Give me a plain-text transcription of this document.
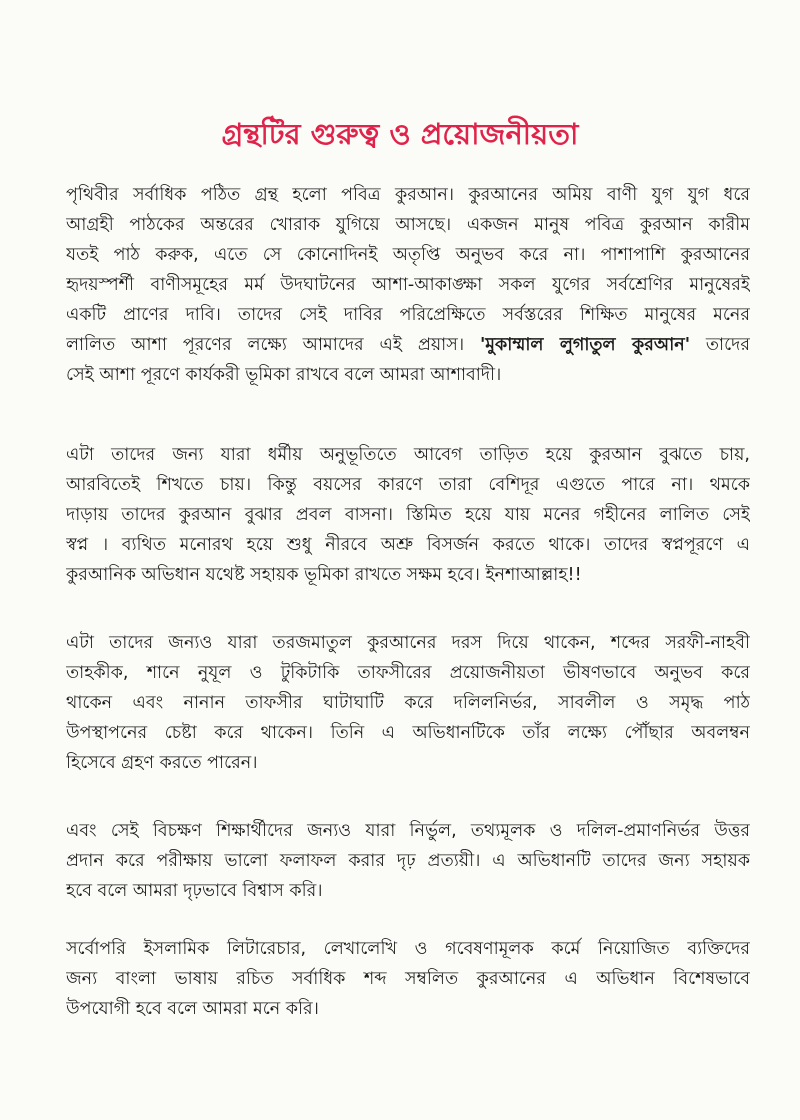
গ্রন্থটির গুরুত্ব ও প্রয়োজনীয়তা

পৃথিবীর সর্বাধিক পঠিত গ্রন্থ হলো পবিত্র কুরআন। কুরআনের অমিয় বাণী যুগ যুগ ধরে
আগ্রহী পাঠকের অন্তরের খোরাক যুগিয়ে আসছে। একজন মানুষ পবিত্র কুরআন কারীম
যতই পাঠ করুক, এতে সে কোনোদিনই অতৃপ্তি অনুভব করে না। পাশাপাশি কুরআনের
হৃদয়স্পর্শী বাণীসমূহের মর্ম উদঘাটনের আশা-আকাঙ্ক্ষা সকল যুগের সর্বশ্রেণির মানুষেরই
একটি প্রাণের দাবি। তাদের সেই দাবির পরিপ্রেক্ষিতে সর্বস্তরের শিক্ষিত মানুষের মনের
লালিত আশা পূরণের লক্ষ্যে আমাদের এই প্রয়াস। 'মুকাম্মাল লুগাতুল কুরআন' তাদের
সেই আশা পূরণে কার্যকরী ভূমিকা রাখবে বলে আমরা আশাবাদী।

এটা তাদের জন্য যারা ধর্মীয় অনুভূতিতে আবেগ তাড়িত হয়ে কুরআন বুঝতে চায়,
আরবিতেই শিখতে চায়। কিন্তু বয়সের কারণে তারা বেশিদূর এগুতে পারে না। থমকে
দাড়ায় তাদের কুরআন বুঝার প্রবল বাসনা। স্তিমিত হয়ে যায় মনের গহীনের লালিত সেই
স্বপ্ন । ব্যথিত মনোরথ হয়ে শুধু নীরবে অশ্রু বিসর্জন করতে থাকে। তাদের স্বপ্নপূরণে এ
কুরআনিক অভিধান যথেষ্ট সহায়ক ভূমিকা রাখতে সক্ষম হবে। ইনশাআল্লাহ!!

এটা তাদের জন্যও যারা তরজমাতুল কুরআনের দরস দিয়ে থাকেন, শব্দের সরফী-নাহবী
তাহকীক, শানে নুযূল ও টুকিটাকি তাফসীরের প্রয়োজনীয়তা ভীষণভাবে অনুভব করে
থাকেন এবং নানান তাফসীর ঘাটাঘাটি করে দলিলনির্ভর, সাবলীল ও সমৃদ্ধ পাঠ
উপস্থাপনের চেষ্টা করে থাকেন। তিনি এ অভিধানটিকে তাঁর লক্ষ্যে পৌঁছার অবলম্বন
হিসেবে গ্রহণ করতে পারেন।

এবং সেই বিচক্ষণ শিক্ষার্থীদের জন্যও যারা নির্ভুল, তথ্যমূলক ও দলিল-প্রমাণনির্ভর উত্তর
প্রদান করে পরীক্ষায় ভালো ফলাফল করার দৃঢ় প্রত্যয়ী। এ অভিধানটি তাদের জন্য সহায়ক
হবে বলে আমরা দৃঢ়ভাবে বিশ্বাস করি।

সর্বোপরি ইসলামিক লিটারেচার, লেখালেখি ও গবেষণামূলক কর্মে নিয়োজিত ব্যক্তিদের
জন্য বাংলা ভাষায় রচিত সর্বাধিক শব্দ সম্বলিত কুরআনের এ অভিধান বিশেষভাবে
উপযোগী হবে বলে আমরা মনে করি।
